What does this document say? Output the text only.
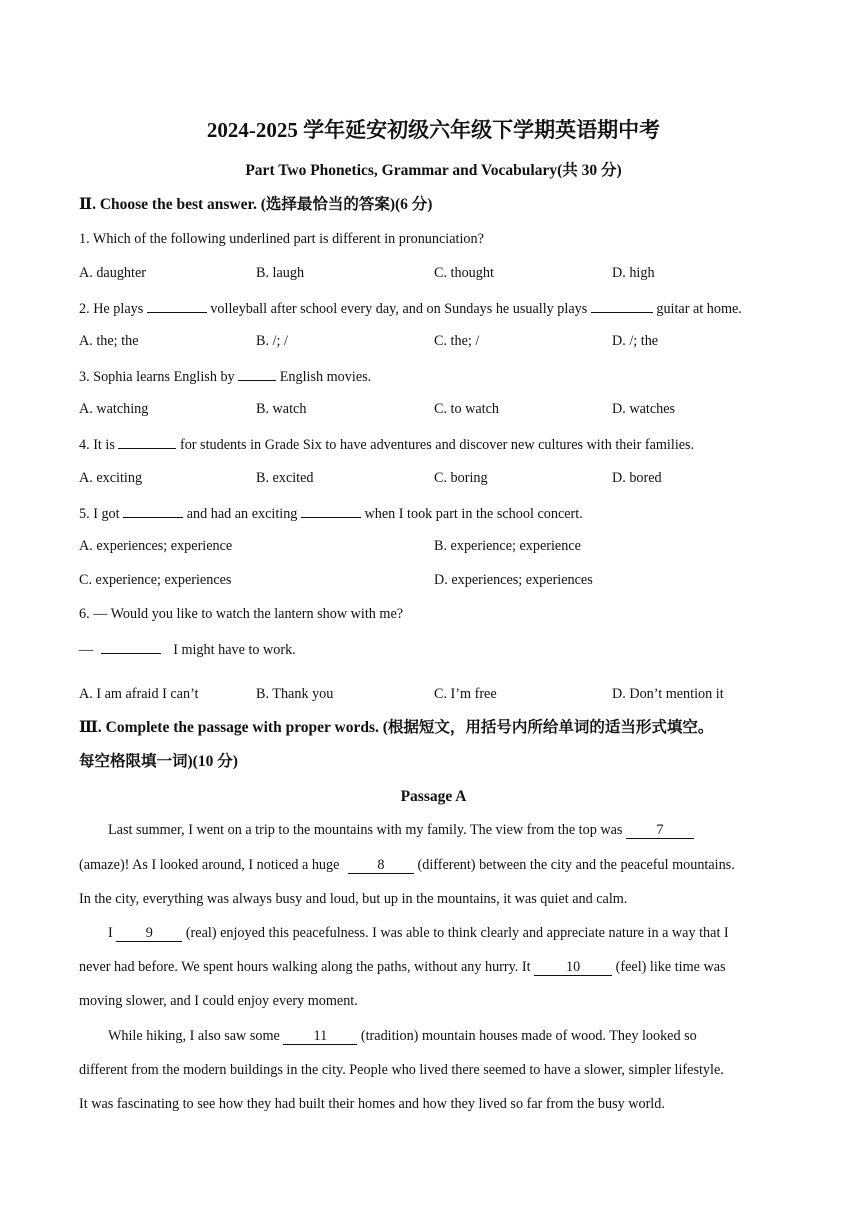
2024-2025 学年延安初级六年级下学期英语期中考
Part Two Phonetics, Grammar and Vocabulary(共 30 分)
Ⅱ. Choose the best answer. (选择最恰当的答案)(6 分)
1. Which of the following underlined part is different in pronunciation?
A. daughter	B. laugh	C. thought	D. high
2. He plays	volleyball after school every day, and on Sundays he usually plays	guitar at home.
A. the; the	B. /; /	C. the; /	D. /; the
3. Sophia learns English by	English movies.
A. watching	B. watch	C. to watch	D. watches
4. It is	for students in Grade Six to have adventures and discover new cultures with their families.
A. exciting	B. excited	C. boring	D. bored
5. I got	and had an exciting	when I took part in the school concert.
A. experiences; experience	B. experience; experience
C. experience; experiences	D. experiences; experiences
6. — Would you like to watch the lantern show with me?
—	I might have to work.
A. I am afraid I can’t	B. Thank you	C. I’m free	D. Don’t mention it
Ⅲ. Complete the passage with proper words. (根据短文，用括号内所给单词的适当形式填空。
每空格限填一词)(10 分)
Passage A
Last summer, I went on a trip to the mountains with my family. The view from the top was 7
(amaze)! As I looked around, I noticed a huge 8 (different) between the city and the peaceful mountains.
In the city, everything was always busy and loud, but up in the mountains, it was quiet and calm.
I 9 (real) enjoyed this peacefulness. I was able to think clearly and appreciate nature in a way that I
never had before. We spent hours walking along the paths, without any hurry. It 10 (feel) like time was
moving slower, and I could enjoy every moment.
While hiking, I also saw some 11 (tradition) mountain houses made of wood. They looked so
different from the modern buildings in the city. People who lived there seemed to have a slower, simpler lifestyle.
It was fascinating to see how they had built their homes and how they lived so far from the busy world.
